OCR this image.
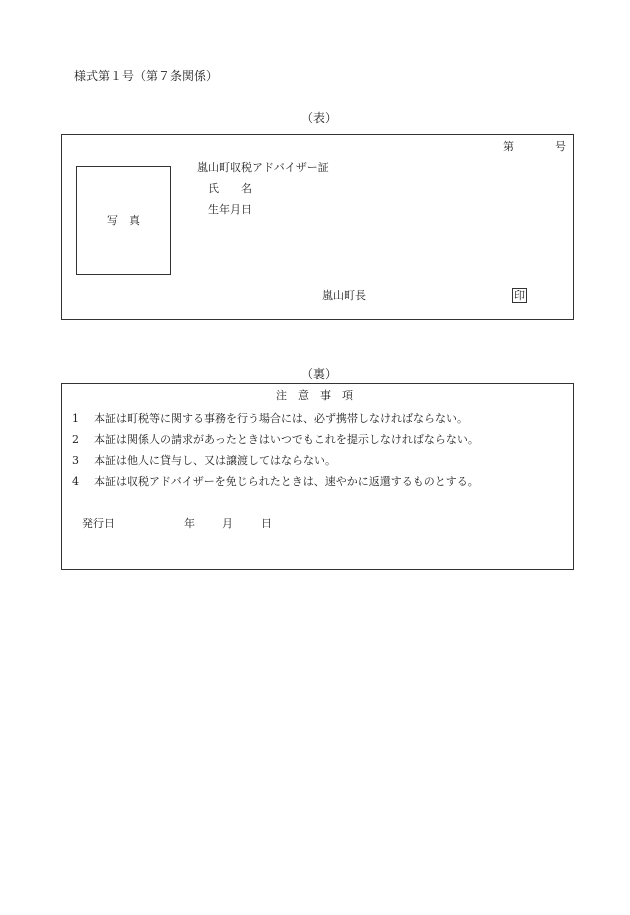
様式第１号（第７条関係）
（表）
第	号
写　真
嵐山町収税アドバイザー証
氏　　名
生年月日
嵐山町長	印
（裏）
注　意　事　項
1 本証は町税等に関する事務を行う場合には、必ず携帯しなければならない。
2 本証は関係人の請求があったときはいつでもこれを提示しなければならない。
3 本証は他人に貸与し、又は譲渡してはならない。
4 本証は収税アドバイザーを免じられたときは、速やかに返還するものとする。
発行日	年 月	日
